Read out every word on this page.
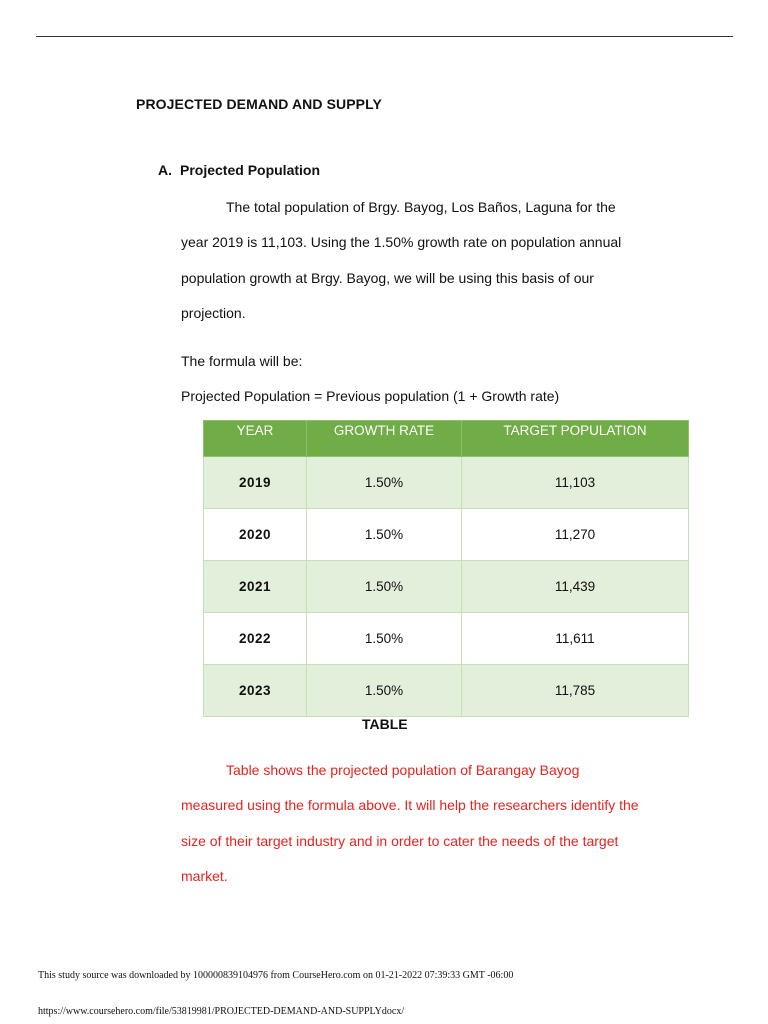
PROJECTED DEMAND AND SUPPLY
A. Projected Population
The total population of Brgy. Bayog, Los Baños, Laguna for the
year 2019 is 11,103. Using the 1.50% growth rate on population annual
population growth at Brgy. Bayog, we will be using this basis of our
projection.
The formula will be:
Projected Population = Previous population (1 + Growth rate)
YEAR	GROWTH RATE	TARGET POPULATION
2019	1.50%	11,103
2020	1.50%	11,270
2021	1.50%	11,439
2022	1.50%	11,611
2023	1.50%	11,785
TABLE
Table shows the projected population of Barangay Bayog
measured using the formula above. It will help the researchers identify the
size of their target industry and in order to cater the needs of the target
market.
This study source was downloaded by 100000839104976 from CourseHero.com on 01-21-2022 07:39:33 GMT -06:00
https://www.coursehero.com/file/53819981/PROJECTED-DEMAND-AND-SUPPLYdocx/
